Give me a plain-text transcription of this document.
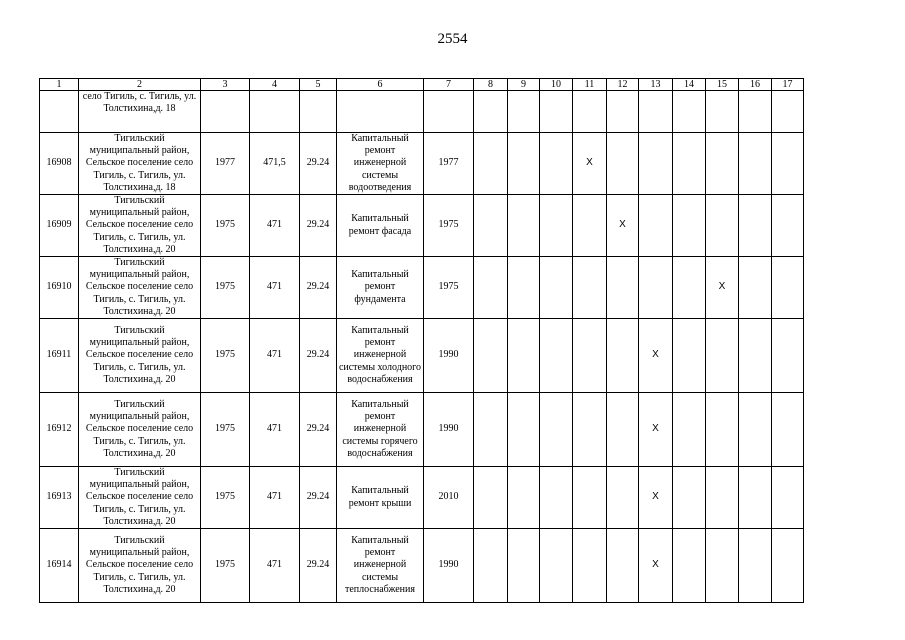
2554
1	2	3	4	5	6	7	8	9	10	11	12	13	14	15	16	17
	село Тигиль, с. Тигиль, ул. Толстихина,д. 18															
16908	Тигильский муниципальный район, Сельское поселение село Тигиль, с. Тигиль, ул. Толстихина,д. 18	1977	471,5	29.24	Капитальный ремонт инженерной системы водоотведения	1977				X						
16909	Тигильский муниципальный район, Сельское поселение село Тигиль, с. Тигиль, ул. Толстихина,д. 20	1975	471	29.24	Капитальный ремонт фасада	1975					X					
16910	Тигильский муниципальный район, Сельское поселение село Тигиль, с. Тигиль, ул. Толстихина,д. 20	1975	471	29.24	Капитальный ремонт фундамента	1975								X		
16911	Тигильский муниципальный район, Сельское поселение село Тигиль, с. Тигиль, ул. Толстихина,д. 20	1975	471	29.24	Капитальный ремонт инженерной системы холодного водоснабжения	1990						X				
16912	Тигильский муниципальный район, Сельское поселение село Тигиль, с. Тигиль, ул. Толстихина,д. 20	1975	471	29.24	Капитальный ремонт инженерной системы горячего водоснабжения	1990						X				
16913	Тигильский муниципальный район, Сельское поселение село Тигиль, с. Тигиль, ул. Толстихина,д. 20	1975	471	29.24	Капитальный ремонт крыши	2010						X				
16914	Тигильский муниципальный район, Сельское поселение село Тигиль, с. Тигиль, ул. Толстихина,д. 20	1975	471	29.24	Капитальный ремонт инженерной системы теплоснабжения	1990						X				
